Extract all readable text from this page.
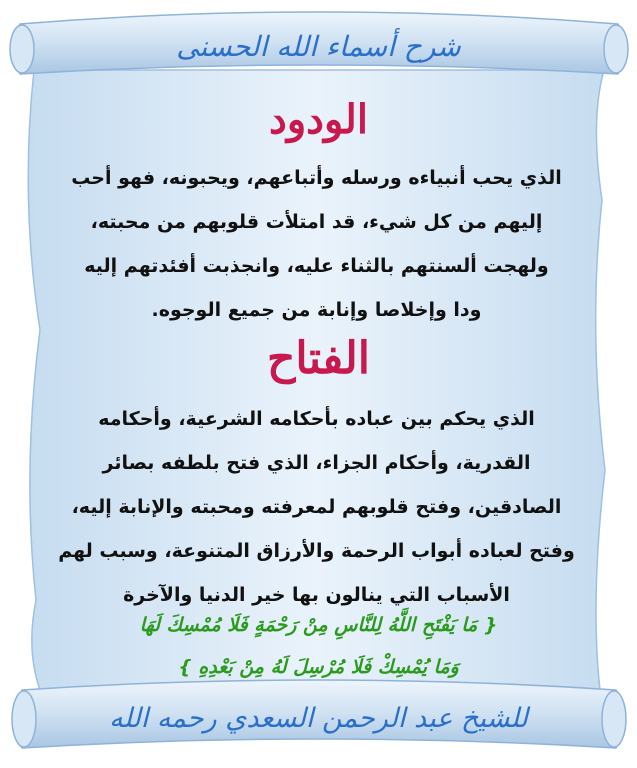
شرح أسماء الله الحسنى
الودود
الذي يحب أنبياءه ورسله وأتباعهم، ويحبونه، فهو أحب
إليهم من كل شيء، قد امتلأت قلوبهم من محبته،
ولهجت ألسنتهم بالثناء عليه، وانجذبت أفئدتهم إليه
ودا وإخلاصا وإنابة من جميع الوجوه.
الفتاح
الذي يحكم بين عباده بأحكامه الشرعية، وأحكامه
القدرية، وأحكام الجزاء، الذي فتح بلطفه بصائر
الصادقين، وفتح قلوبهم لمعرفته ومحبته والإنابة إليه،
وفتح لعباده أبواب الرحمة والأرزاق المتنوعة، وسبب لهم
الأسباب التي ينالون بها خير الدنيا والآخرة
{ مَا يَفْتَحِ اللَّهُ لِلنَّاسِ مِنْ رَحْمَةٍ فَلَا مُمْسِكَ لَهَا
وَمَا يُمْسِكْ فَلَا مُرْسِلَ لَهُ مِنْ بَعْدِهِ }
للشيخ عبد الرحمن السعدي رحمه الله
